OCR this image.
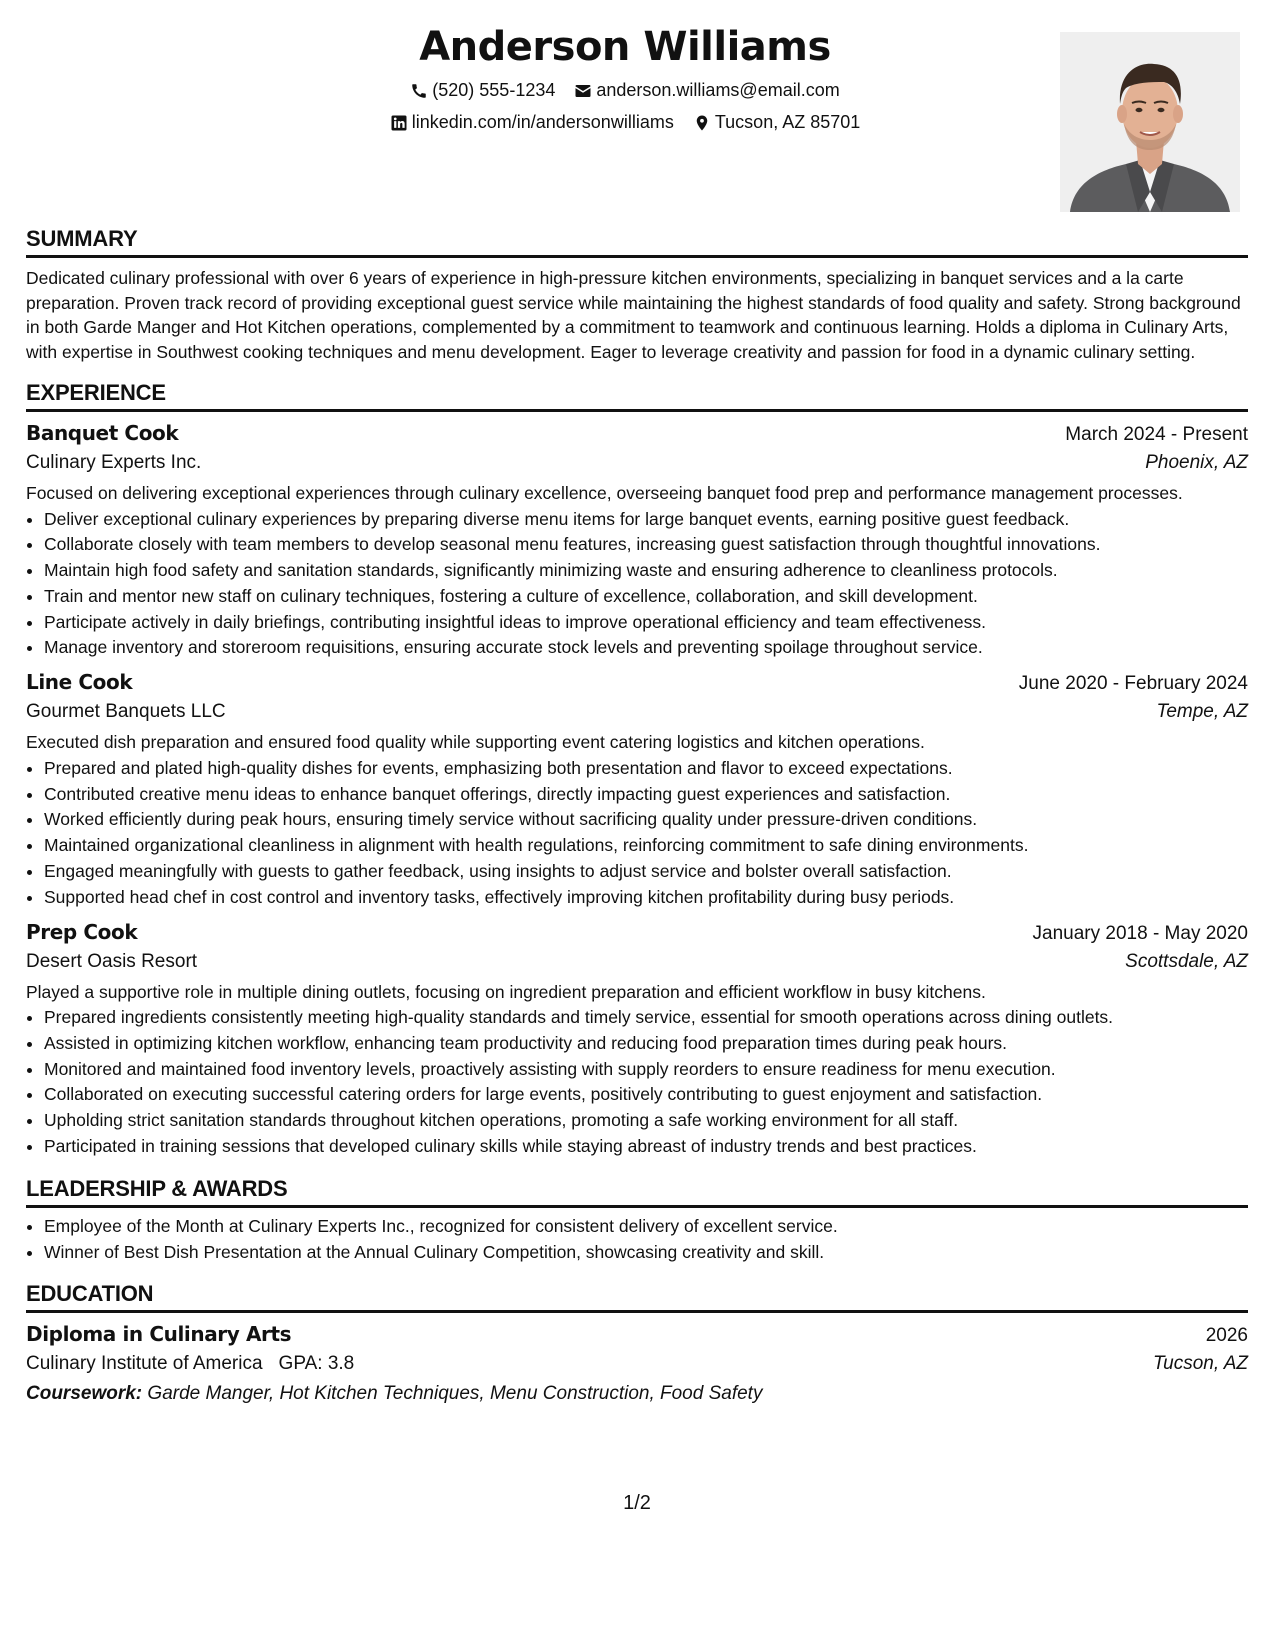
Anderson Williams
(520) 555-1234
anderson.williams@email.com
linkedin.com/in/andersonwilliams
Tucson, AZ 85701
SUMMARY

Dedicated culinary professional with over 6 years of experience in high-pressure kitchen environments, specializing in banquet services and a la carte preparation. Proven track record of providing exceptional guest service while maintaining the highest standards of food quality and safety. Strong background in both Garde Manger and Hot Kitchen operations, complemented by a commitment to teamwork and continuous learning. Holds a diploma in Culinary Arts, with expertise in Southwest cooking techniques and menu development. Eager to leverage creativity and passion for food in a dynamic culinary setting.

EXPERIENCE
Banquet Cook	March 2024 - Present
Culinary Experts Inc.	Phoenix, AZ
Focused on delivering exceptional experiences through culinary excellence, overseeing banquet food prep and performance management processes.
• Deliver exceptional culinary experiences by preparing diverse menu items for large banquet events, earning positive guest feedback.
• Collaborate closely with team members to develop seasonal menu features, increasing guest satisfaction through thoughtful innovations.
• Maintain high food safety and sanitation standards, significantly minimizing waste and ensuring adherence to cleanliness protocols.
• Train and mentor new staff on culinary techniques, fostering a culture of excellence, collaboration, and skill development.
• Participate actively in daily briefings, contributing insightful ideas to improve operational efficiency and team effectiveness.
• Manage inventory and storeroom requisitions, ensuring accurate stock levels and preventing spoilage throughout service.
Line Cook	June 2020 - February 2024
Gourmet Banquets LLC	Tempe, AZ
Executed dish preparation and ensured food quality while supporting event catering logistics and kitchen operations.
• Prepared and plated high-quality dishes for events, emphasizing both presentation and flavor to exceed expectations.
• Contributed creative menu ideas to enhance banquet offerings, directly impacting guest experiences and satisfaction.
• Worked efficiently during peak hours, ensuring timely service without sacrificing quality under pressure-driven conditions.
• Maintained organizational cleanliness in alignment with health regulations, reinforcing commitment to safe dining environments.
• Engaged meaningfully with guests to gather feedback, using insights to adjust service and bolster overall satisfaction.
• Supported head chef in cost control and inventory tasks, effectively improving kitchen profitability during busy periods.
Prep Cook	January 2018 - May 2020
Desert Oasis Resort	Scottsdale, AZ
Played a supportive role in multiple dining outlets, focusing on ingredient preparation and efficient workflow in busy kitchens.
• Prepared ingredients consistently meeting high-quality standards and timely service, essential for smooth operations across dining outlets.
• Assisted in optimizing kitchen workflow, enhancing team productivity and reducing food preparation times during peak hours.
• Monitored and maintained food inventory levels, proactively assisting with supply reorders to ensure readiness for menu execution.
• Collaborated on executing successful catering orders for large events, positively contributing to guest enjoyment and satisfaction.
• Upholding strict sanitation standards throughout kitchen operations, promoting a safe working environment for all staff.
• Participated in training sessions that developed culinary skills while staying abreast of industry trends and best practices.
LEADERSHIP & AWARDS
• Employee of the Month at Culinary Experts Inc., recognized for consistent delivery of excellent service.
• Winner of Best Dish Presentation at the Annual Culinary Competition, showcasing creativity and skill.
EDUCATION
Diploma in Culinary Arts	2026
Culinary Institute of America GPA: 3.8	Tucson, AZ
Coursework: Garde Manger, Hot Kitchen Techniques, Menu Construction, Food Safety
1/2
